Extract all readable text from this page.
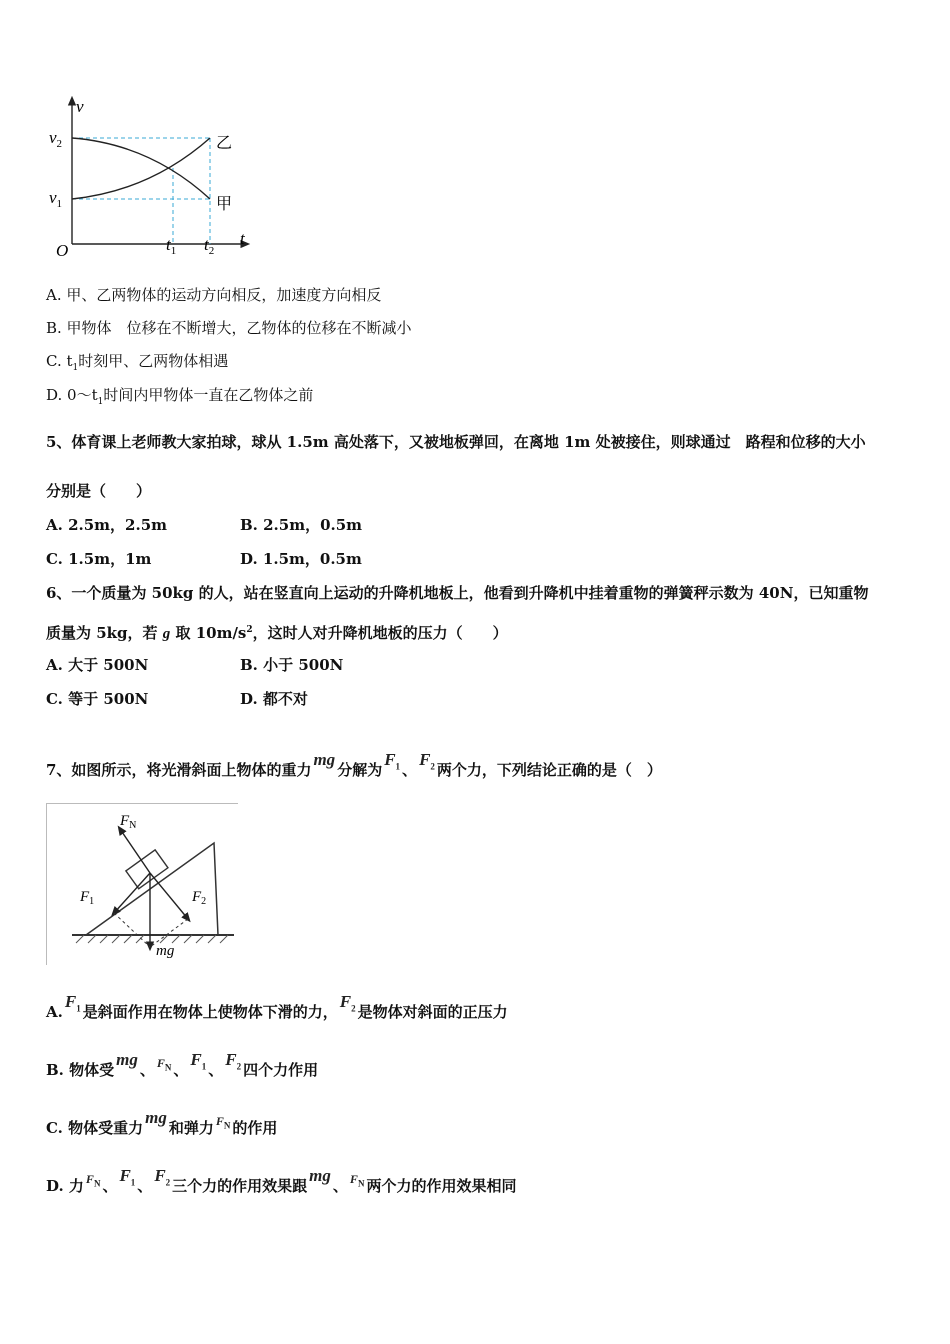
v
t
O
$v_2$
$v_1$
$t_1$ $t_2$
乙
甲
A. 甲、乙两物体的运动方向相反，加速度方向相反
B. 甲物体　位移在不断增大，乙物体的位移在不断减小
C. $t_1$时刻甲、乙两物体相遇
D. $0\sim t_1$时间内甲物体一直在乙物体之前
5、体育课上老师教大家拍球，球从 1.5m 高处落下，又被地板弹回，在离地 1m 处被接住，则球通过　路程和位移的大小
分别是（　　）
A. 2.5m，2.5m	B. 2.5m，0.5m
C. 1.5m，1m	D. 1.5m，0.5m
6、一个质量为 50kg 的人，站在竖直向上运动的升降机地板上，他看到升降机中挂着重物的弹簧秤示数为 40N，已知重物
质量为 5kg，若 g 取 $10m/s^2$，这时人对升降机地板的压力（　　）
A. 大于 500N	B. 小于 500N
C. 等于 500N	D. 都不对
7、如图所示，将光滑斜面上物体的重力mg分解为$F_1$ 、$F_2$ 两个力，下列结论正确的是（　）
$F_N$
$F_1$	$F_2$
mg
$A.F_1$ 是斜面作用在物体上使物体下滑的力，$F_2$ 是物体对斜面的正压力
B. 物体受mg、 $F_N$ 、$F_1$ 、$F_2$ 四个力作用
C. 物体受重力mg和弹力 $F_N$ 的作用
D. 力 $F_N$ 、$F_1$ 、$F_2$ 三个力的作用效果跟mg、 $F_N$ 两个力的作用效果相同
